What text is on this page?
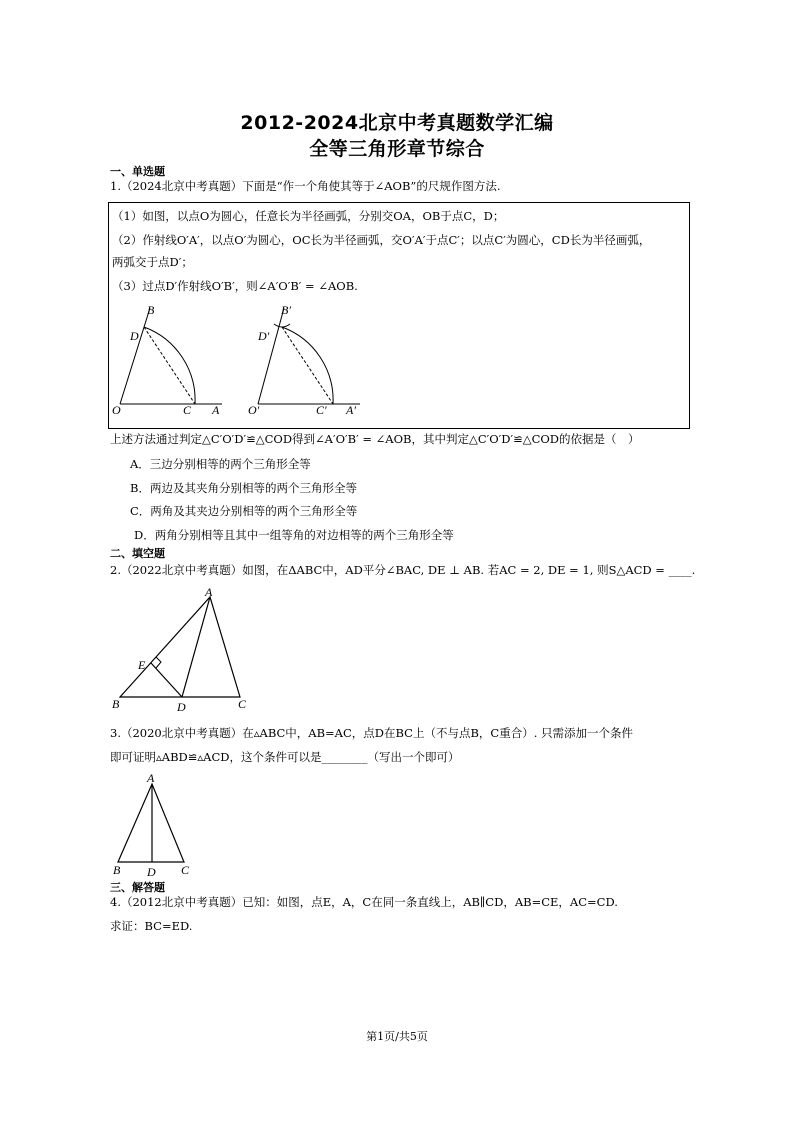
2012-2024北京中考真题数学汇编
全等三角形章节综合
一、单选题
1.（2024北京中考真题）下面是“作一个角使其等于∠AOB”的尺规作图方法.
（1）如图，以点O为圆心，任意长为半径画弧，分别交OA，OB于点C，D；
（2）作射线O′A′，以点O′为圆心，OC长为半径画弧，交O′A′于点C′；以点C′为圆心，CD长为半径画弧，
两弧交于点D′；
（3）过点D′作射线O′B′，则∠A′O′B′ = ∠AOB.
B
D
O	C A
B′
D′
O′	C′ A′
上述方法通过判定△C′O′D′≌△COD得到∠A′O′B′ = ∠AOB，其中判定△C′O′D′≌△COD的依据是（　）
A．三边分别相等的两个三角形全等
B．两边及其夹角分别相等的两个三角形全等
C．两角及其夹边分别相等的两个三角形全等
D．两角分别相等且其中一组等角的对边相等的两个三角形全等
二、填空题
2.（2022北京中考真题）如图，在ΔABC中，AD平分∠BAC, DE ⊥ AB. 若AC = 2, DE = 1, 则S△ACD = ____.
A
E
B	D	C
3.（2020北京中考真题）在▵ABC中，AB=AC，点D在BC上（不与点B，C重合）. 只需添加一个条件
即可证明▵ABD≌▵ACD，这个条件可以是________（写出一个即可）
A
B D C
三、解答题
4.（2012北京中考真题）已知：如图，点E，A，C在同一条直线上，AB∥CD，AB=CE，AC=CD.
求证：BC=ED.
第1页/共5页
